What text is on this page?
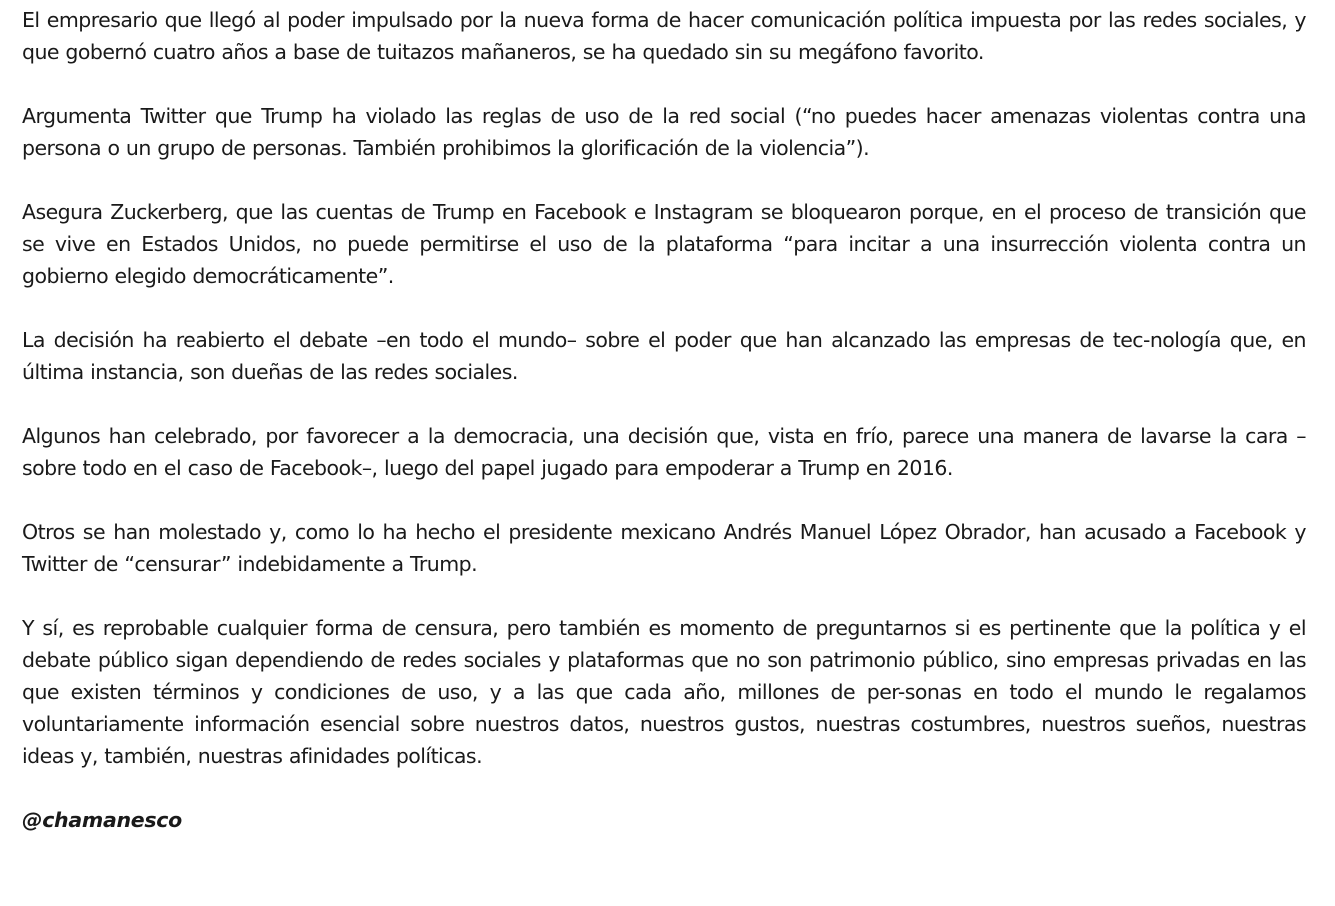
El empresario que llegó al poder impulsado por la nueva forma de hacer comunicación política impuesta por las redes sociales, y que gobernó cuatro años a base de tuitazos mañaneros, se ha quedado sin su megáfono favorito.

Argumenta Twitter que Trump ha violado las reglas de uso de la red social (“no puedes hacer amenazas violentas contra una persona o un grupo de personas. También prohibimos la glorificación de la violencia”).

Asegura Zuckerberg, que las cuentas de Trump en Facebook e Instagram se bloquearon porque, en el proceso de transición que se vive en Estados Unidos, no puede permitirse el uso de la plataforma “para incitar a una insurrección violenta contra un gobierno elegido democráticamente”.

La decisión ha reabierto el debate –en todo el mundo– sobre el poder que han alcanzado las empresas de tec-nología que, en última instancia, son dueñas de las redes sociales.

Algunos han celebrado, por favorecer a la democracia, una decisión que, vista en frío, parece una manera de lavarse la cara –sobre todo en el caso de Facebook–, luego del papel jugado para empoderar a Trump en 2016.

Otros se han molestado y, como lo ha hecho el presidente mexicano Andrés Manuel López Obrador, han acusado a Facebook y Twitter de “censurar” indebidamente a Trump.

Y sí, es reprobable cualquier forma de censura, pero también es momento de preguntarnos si es pertinente que la política y el debate público sigan dependiendo de redes sociales y plataformas que no son patrimonio público, sino empresas privadas en las que existen términos y condiciones de uso, y a las que cada año, millones de per-sonas en todo el mundo le regalamos voluntariamente información esencial sobre nuestros datos, nuestros gustos, nuestras costumbres, nuestros sueños, nuestras ideas y, también, nuestras afinidades políticas.

@chamanesco
